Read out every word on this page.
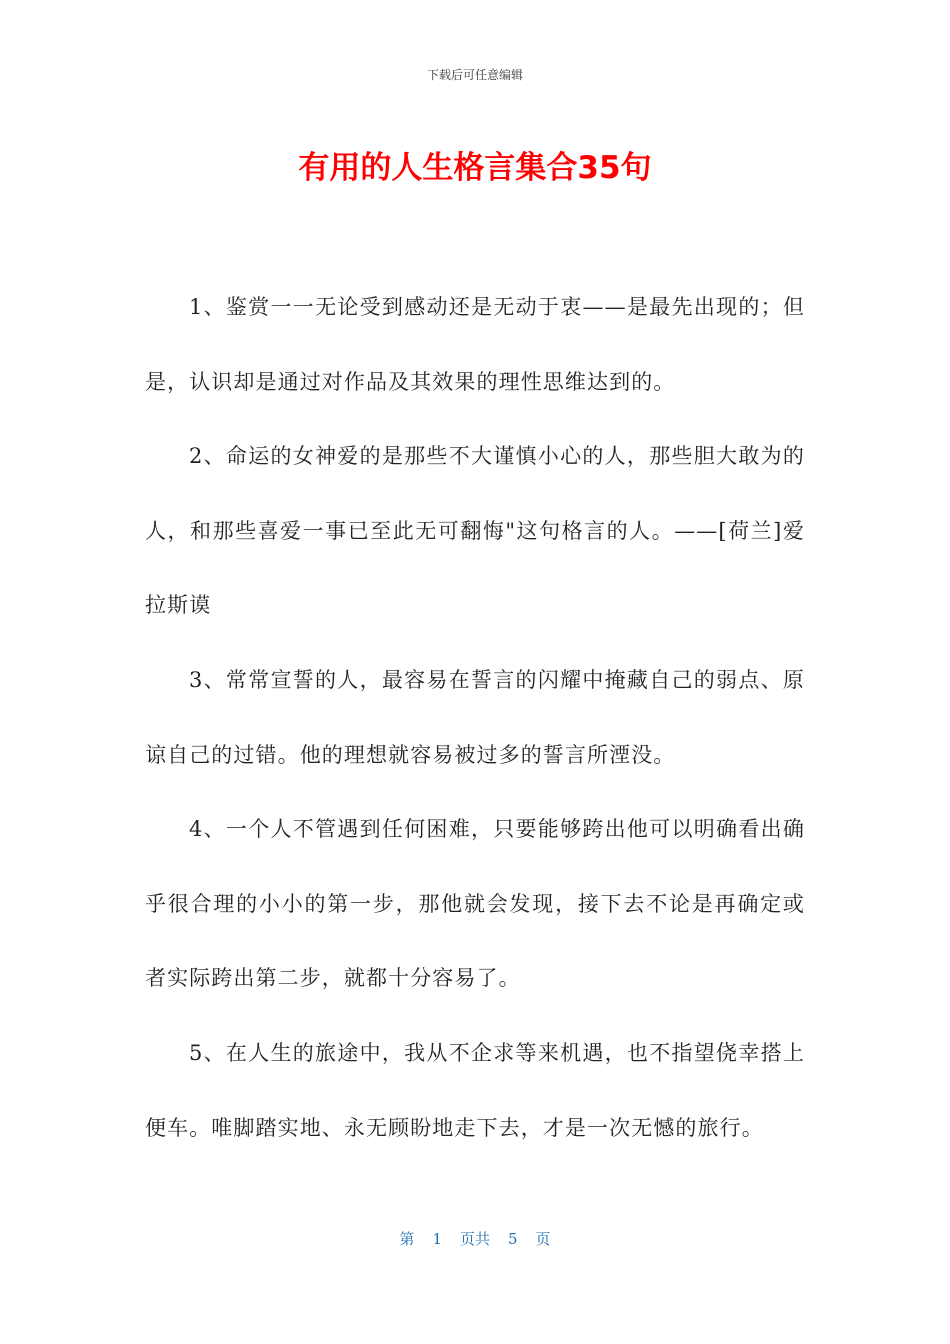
下载后可任意编辑
有用的人生格言集合35句

1、鉴赏一一无论受到感动还是无动于衷——是最先出现的；但是，认识却是通过对作品及其效果的理性思维达到的。

2、命运的女神爱的是那些不大谨慎小心的人，那些胆大敢为的人，和那些喜爱一事已至此无可翻悔"这句格言的人。——[荷兰]爱拉斯谟

3、常常宣誓的人，最容易在誓言的闪耀中掩藏自己的弱点、原谅自己的过错。他的理想就容易被过多的誓言所湮没。

4、一个人不管遇到任何困难，只要能够跨出他可以明确看出确乎很合理的小小的第一步，那他就会发现，接下去不论是再确定或者实际跨出第二步，就都十分容易了。

5、在人生的旅途中，我从不企求等来机遇，也不指望侥幸搭上便车。唯脚踏实地、永无顾盼地走下去，才是一次无憾的旅行。

第 1 页共 5 页
